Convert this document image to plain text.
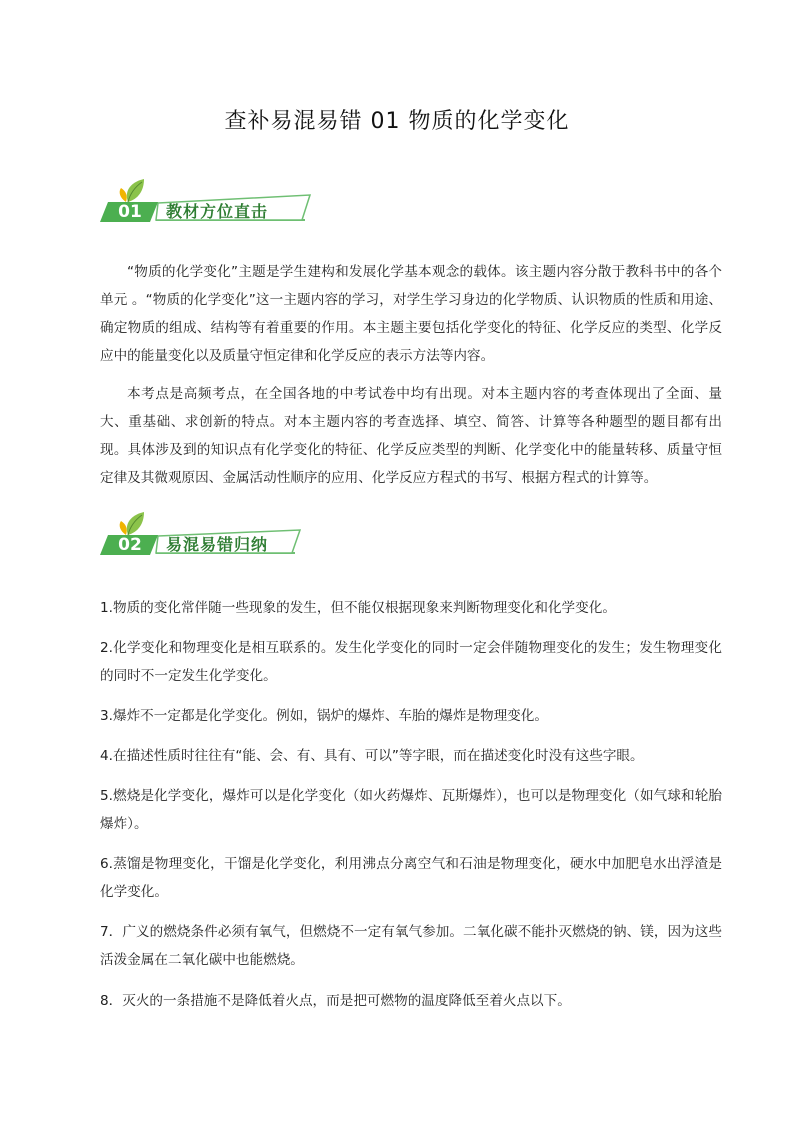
查补易混易错 01 物质的化学变化
01	教材方位直击
“物质的化学变化”主题是学生建构和发展化学基本观念的载体。该主题内容分散于教科书中的各个单元 。“物质的化学变化”这一主题内容的学习，对学生学习身边的化学物质、认识物质的性质和用途、确定物质的组成、结构等有着重要的作用。本主题主要包括化学变化的特征、化学反应的类型、化学反应中的能量变化以及质量守恒定律和化学反应的表示方法等内容。
本考点是高频考点，在全国各地的中考试卷中均有出现。对本主题内容的考查体现出了全面、量大、重基础、求创新的特点。对本主题内容的考查选择、填空、简答、计算等各种题型的题目都有出现。具体涉及到的知识点有化学变化的特征、化学反应类型的判断、化学变化中的能量转移、质量守恒定律及其微观原因、金属活动性顺序的应用、化学反应方程式的书写、根据方程式的计算等。
02	易混易错归纳
1.物质的变化常伴随一些现象的发生，但不能仅根据现象来判断物理变化和化学变化。
2.化学变化和物理变化是相互联系的。发生化学变化的同时一定会伴随物理变化的发生；发生物理变化的同时不一定发生化学变化。
3.爆炸不一定都是化学变化。例如，锅炉的爆炸、车胎的爆炸是物理变化。
4.在描述性质时往往有“能、会、有、具有、可以”等字眼，而在描述变化时没有这些字眼。
5.燃烧是化学变化，爆炸可以是化学变化（如火药爆炸、瓦斯爆炸），也可以是物理变化（如气球和轮胎爆炸）。
6.蒸馏是物理变化，干馏是化学变化，利用沸点分离空气和石油是物理变化，硬水中加肥皂水出浮渣是化学变化。
7．广义的燃烧条件必须有氧气，但燃烧不一定有氧气参加。二氧化碳不能扑灭燃烧的钠、镁，因为这些活泼金属在二氧化碳中也能燃烧。
8．灭火的一条措施不是降低着火点，而是把可燃物的温度降低至着火点以下。
